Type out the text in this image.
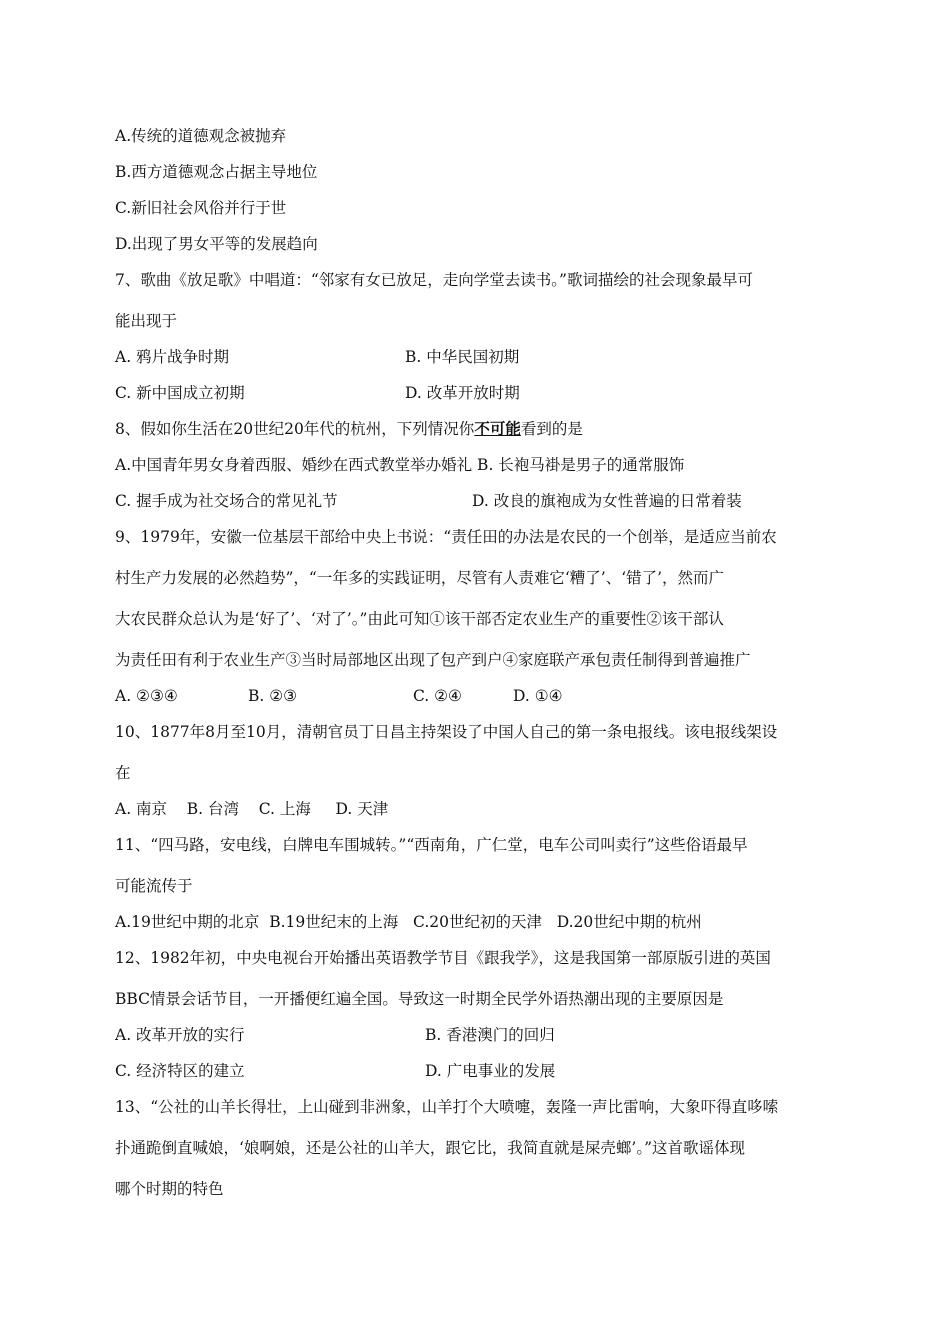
A.传统的道德观念被抛弃
B.西方道德观念占据主导地位
C.新旧社会风俗并行于世
D.出现了男女平等的发展趋向
7、歌曲《放足歌》中唱道：“邻家有女已放足，走向学堂去读书。”歌词描绘的社会现象最早可
能出现于
A. 鸦片战争时期	B. 中华民国初期
C. 新中国成立初期	D. 改革开放时期
8、假如你生活在20世纪20年代的杭州，下列情况你不可能看到的是
A.中国青年男女身着西服、婚纱在西式教堂举办婚礼 B. 长袍马褂是男子的通常服饰
C. 握手成为社交场合的常见礼节	D. 改良的旗袍成为女性普遍的日常着装
9、1979年，安徽一位基层干部给中央上书说：“责任田的办法是农民的一个创举，是适应当前农
村生产力发展的必然趋势”，“一年多的实践证明，尽管有人责难它‘糟了’、‘错了’，然而广
大农民群众总认为是‘好了’、‘对了’。”由此可知①该干部否定农业生产的重要性②该干部认
为责任田有利于农业生产③当时局部地区出现了包产到户④家庭联产承包责任制得到普遍推广
A. ②③④	B. ②③	C. ②④	D. ①④
10、1877年8月至10月，清朝官员丁日昌主持架设了中国人自己的第一条电报线。该电报线架设
在
A. 南京    B. 台湾    C. 上海     D. 天津
11、“四马路，安电线，白牌电车围城转。”“西南角，广仁堂，电车公司叫卖行”这些俗语最早
可能流传于
A.19世纪中期的北京  B.19世纪末的上海   C.20世纪初的天津   D.20世纪中期的杭州
12、1982年初，中央电视台开始播出英语教学节目《跟我学》，这是我国第一部原版引进的英国
BBC情景会话节目，一开播便红遍全国。导致这一时期全民学外语热潮出现的主要原因是
A. 改革开放的实行	B. 香港澳门的回归
C. 经济特区的建立	D. 广电事业的发展
13、“公社的山羊长得壮，上山碰到非洲象，山羊打个大喷嚏，轰隆一声比雷响，大象吓得直哆嗦
扑通跪倒直喊娘，‘娘啊娘，还是公社的山羊大，跟它比，我简直就是屎壳螂’。”这首歌谣体现
哪个时期的特色
